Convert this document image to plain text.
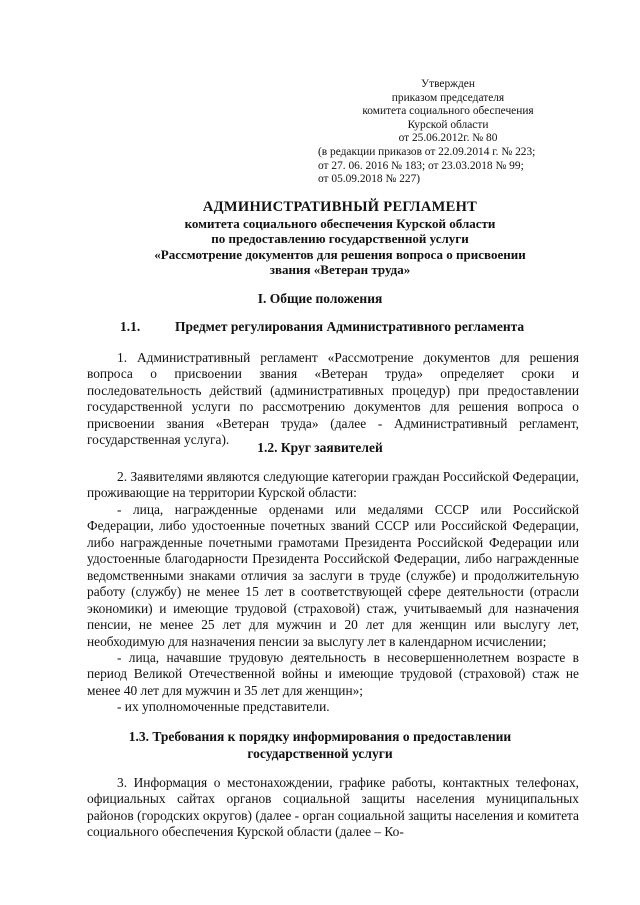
Утвержден
приказом председателя
комитета социального обеспечения
Курской области
от 25.06.2012г. № 80
(в редакции приказов от 22.09.2014 г. № 223;
от 27. 06. 2016 № 183; от 23.03.2018 № 99;
от 05.09.2018 № 227)
АДМИНИСТРАТИВНЫЙ РЕГЛАМЕНТ
комитета социального обеспечения Курской области
по предоставлению государственной услуги
«Рассмотрение документов для решения вопроса о присвоении
звания «Ветеран труда»
I. Общие положения
1.1.	Предмет регулирования Административного регламента
1. Административный регламент «Рассмотрение документов для решения вопроса о присвоении звания «Ветеран труда» определяет сроки и последовательность действий (административных процедур) при предоставлении государственной услуги по рассмотрению документов для решения вопроса о присвоении звания «Ветеран труда» (далее - Административный регламент, государственная услуга).
1.2. Круг заявителей
2. Заявителями являются следующие категории граждан Российской Федерации, проживающие на территории Курской области:
- лица, награжденные орденами или медалями СССР или Российской Федерации, либо удостоенные почетных званий СССР или Российской Федерации, либо награжденные почетными грамотами Президента Российской Федерации или удостоенные благодарности Президента Российской Федерации, либо награжденные ведомственными знаками отличия за заслуги в труде (службе) и продолжительную работу (службу) не менее 15 лет в соответствующей сфере деятельности (отрасли экономики) и имеющие трудовой (страховой) стаж, учитываемый для назначения пенсии, не менее 25 лет для мужчин и 20 лет для женщин или выслугу лет, необходимую для назначения пенсии за выслугу лет в календарном исчислении;
- лица, начавшие трудовую деятельность в несовершеннолетнем возрасте в период Великой Отечественной войны и имеющие трудовой (страховой) стаж не менее 40 лет для мужчин и 35 лет для женщин»;
- их уполномоченные представители.
1.3. Требования к порядку информирования о предоставлении
государственной услуги
3. Информация о местонахождении, графике работы, контактных телефонах, официальных сайтах органов социальной защиты населения муниципальных районов (городских округов) (далее - орган социальной защиты населения и комитета социального обеспечения Курской области (далее – Ко-
